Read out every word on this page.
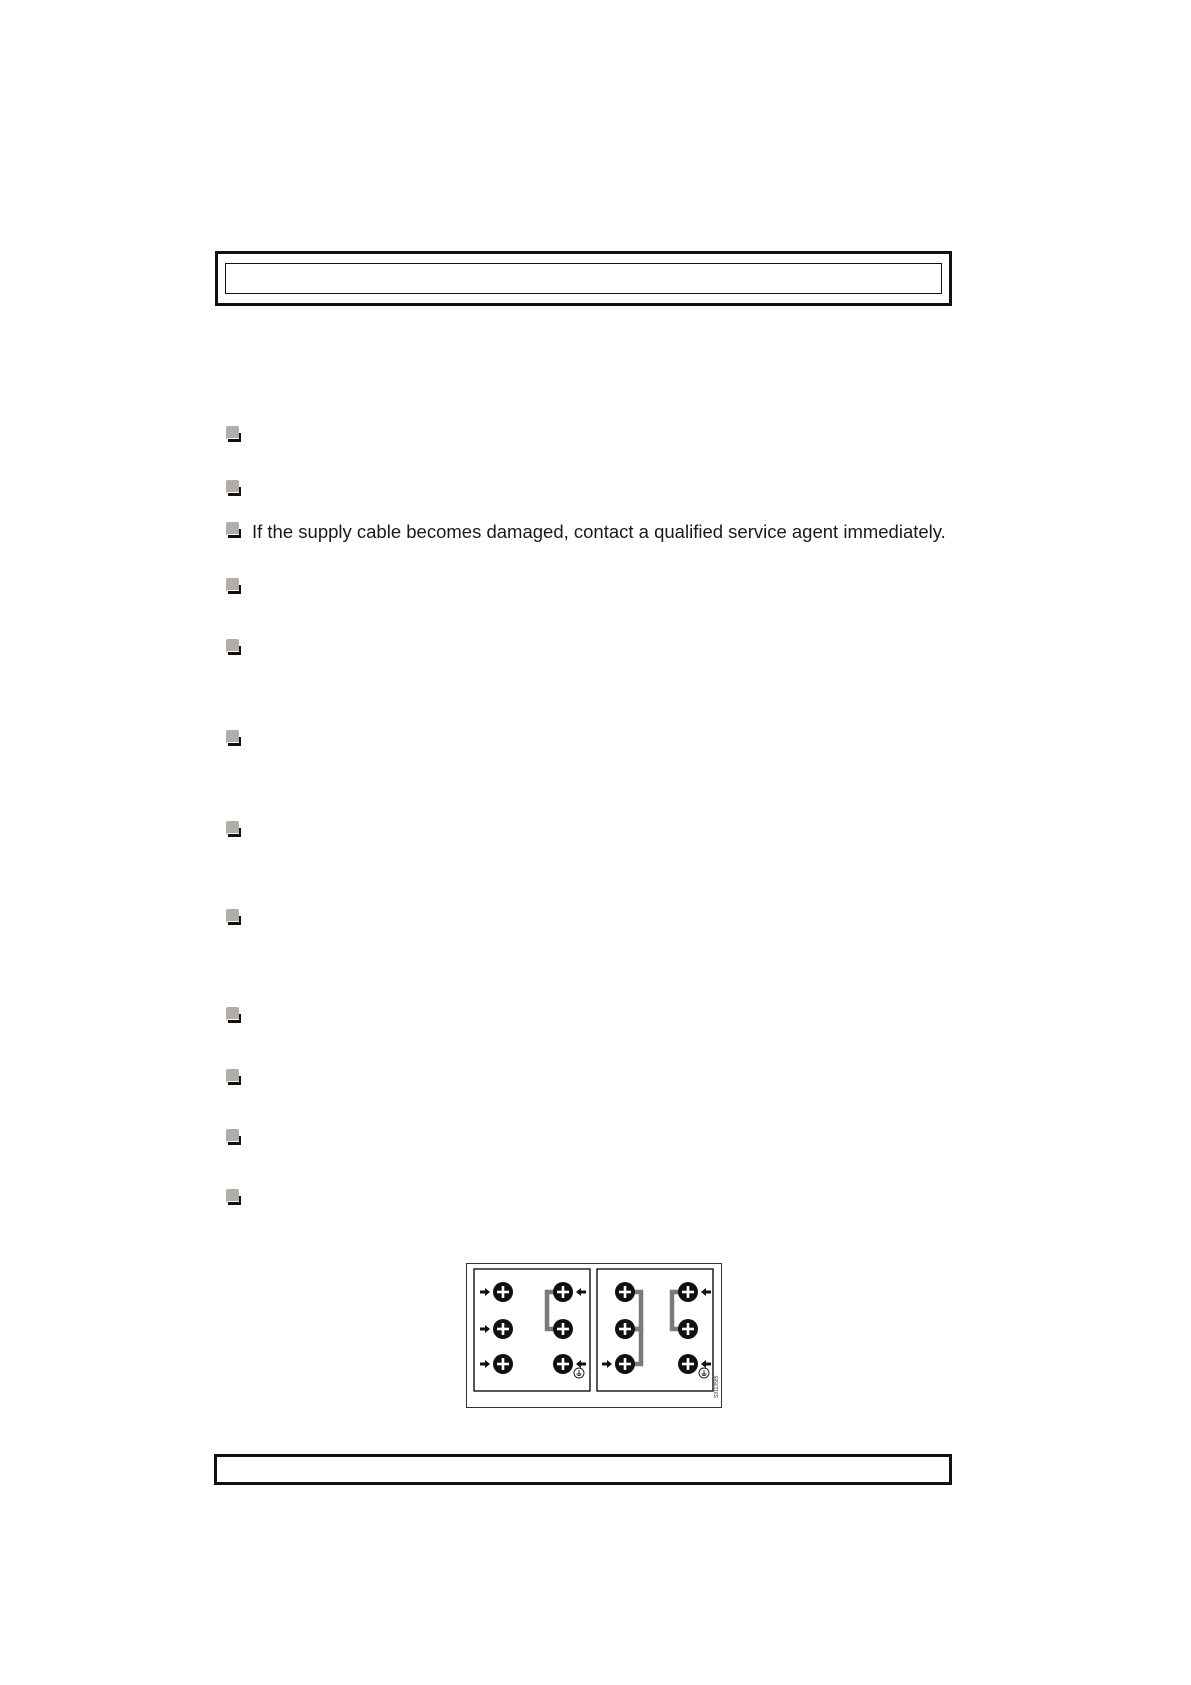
If the supply cable becomes damaged, contact a qualified service agent immediately.
S3113585
